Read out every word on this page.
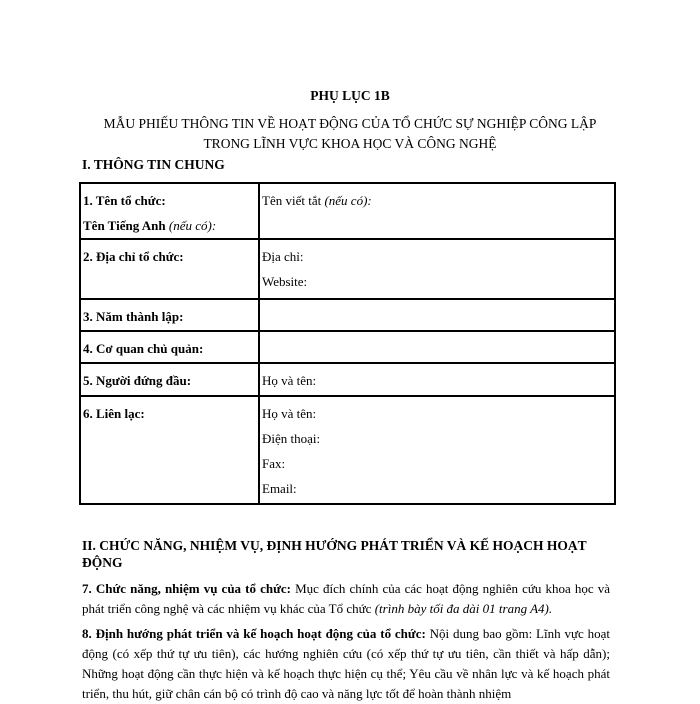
PHỤ LỤC 1B
MẪU PHIẾU THÔNG TIN VỀ HOẠT ĐỘNG CỦA TỔ CHỨC SỰ NGHIỆP CÔNG LẬP TRONG LĨNH VỰC KHOA HỌC VÀ CÔNG NGHỆ
I. THÔNG TIN CHUNG
1. Tên tổ chức:
Tên Tiếng Anh (nếu có):	Tên viết tắt (nếu có):

2. Địa chỉ tổ chức:	Địa chỉ:
Website:

3. Năm thành lập:	

4. Cơ quan chủ quản:	

5. Người đứng đầu:	Họ và tên:

6. Liên lạc:	Họ và tên:
Điện thoại:
Fax:
Email:
II. CHỨC NĂNG, NHIỆM VỤ, ĐỊNH HƯỚNG PHÁT TRIỂN VÀ KẾ HOẠCH HOẠT ĐỘNG
7. Chức năng, nhiệm vụ của tổ chức: Mục đích chính của các hoạt động nghiên cứu khoa học và phát triển công nghệ và các nhiệm vụ khác của Tổ chức (trình bày tối đa dài 01 trang A4).
8. Định hướng phát triển và kế hoạch hoạt động của tổ chức: Nội dung bao gồm: Lĩnh vực hoạt động (có xếp thứ tự ưu tiên), các hướng nghiên cứu (có xếp thứ tự ưu tiên, cần thiết và hấp dẫn); Những hoạt động cần thực hiện và kế hoạch thực hiện cụ thể; Yêu cầu về nhân lực và kế hoạch phát triển, thu hút, giữ chân cán bộ có trình độ cao và năng lực tốt để hoàn thành nhiệm
